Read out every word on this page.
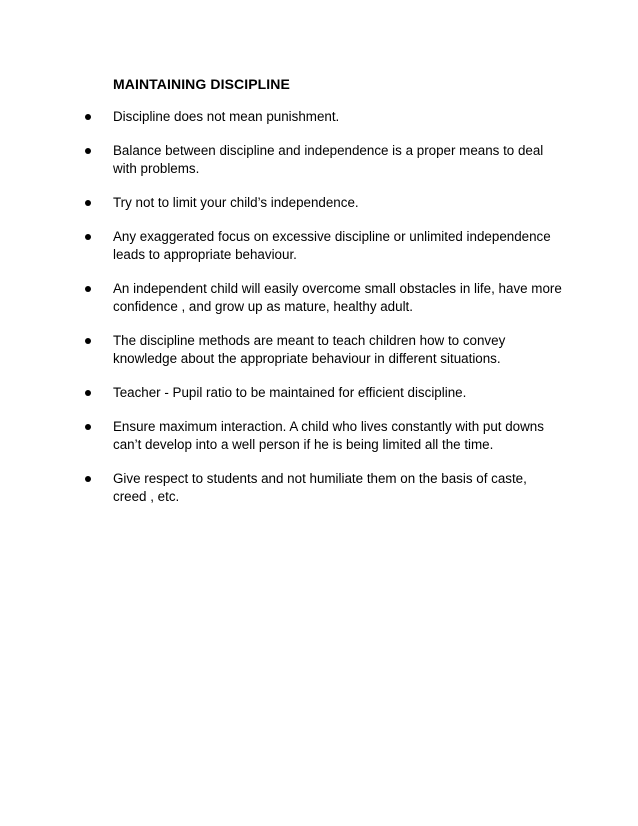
MAINTAINING DISCIPLINE
Discipline does not mean punishment.
Balance between discipline and independence is a proper means to deal with problems.
Try not to limit your child’s independence.
Any exaggerated focus on excessive discipline or unlimited independence leads to appropriate behaviour.
An independent child will easily overcome small obstacles in life, have more confidence , and grow up as mature, healthy adult.
The discipline methods are meant to teach children how to convey knowledge about the appropriate behaviour in different situations.
Teacher - Pupil ratio to be maintained for efficient discipline.
Ensure maximum interaction. A child who lives constantly with put downs can’t develop into a well person if he is being limited all the time.
Give respect to students and not humiliate them on the basis of caste, creed , etc.
